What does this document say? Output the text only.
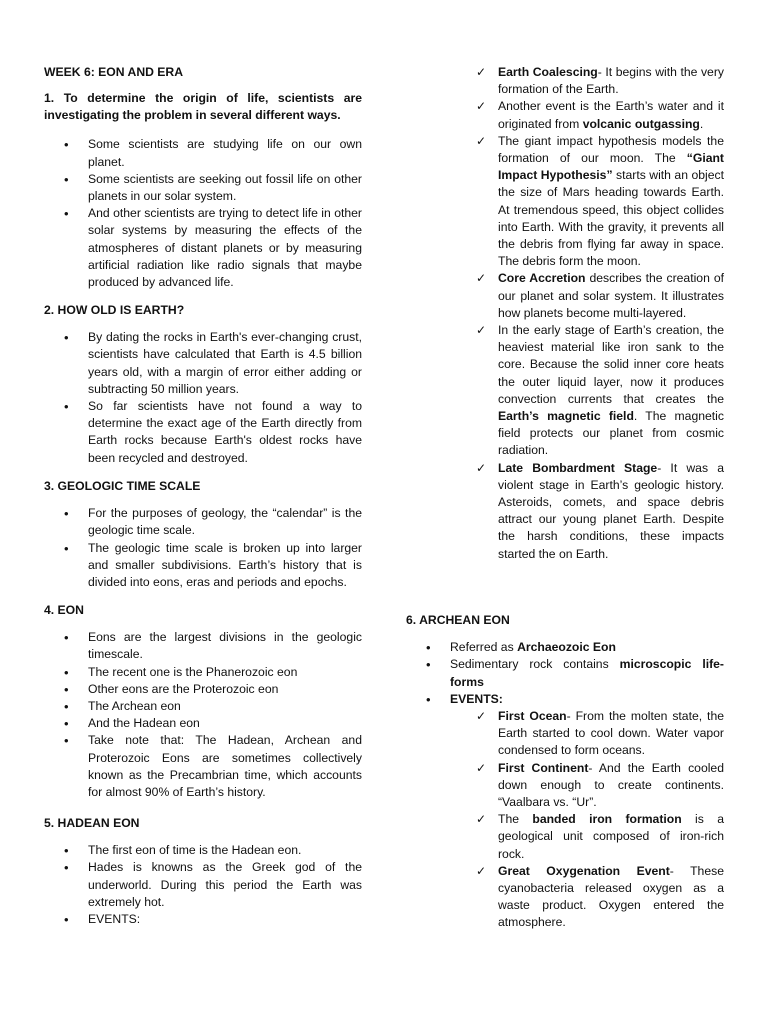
WEEK 6: EON AND ERA

1. To determine the origin of life, scientists are investigating the problem in several different ways.

• Some scientists are studying life on our own planet.
• Some scientists are seeking out fossil life on other planets in our solar system.
• And other scientists are trying to detect life in other solar systems by measuring the effects of the atmospheres of distant planets or by measuring artificial radiation like radio signals that maybe produced by advanced life.

2. HOW OLD IS EARTH?

• By dating the rocks in Earth's ever-changing crust, scientists have calculated that Earth is 4.5 billion years old, with a margin of error either adding or subtracting 50 million years.
• So far scientists have not found a way to determine the exact age of the Earth directly from Earth rocks because Earth's oldest rocks have been recycled and destroyed.

3. GEOLOGIC TIME SCALE

• For the purposes of geology, the “calendar” is the geologic time scale.
• The geologic time scale is broken up into larger and smaller subdivisions. Earth’s history that is divided into eons, eras and periods and epochs.

4. EON

• Eons are the largest divisions in the geologic timescale.
• The recent one is the Phanerozoic eon
• Other eons are the Proterozoic eon
• The Archean eon
• And the Hadean eon
• Take note that: The Hadean, Archean and Proterozoic Eons are sometimes collectively known as the Precambrian time, which accounts for almost 90% of Earth’s history.

5. HADEAN EON

• The first eon of time is the Hadean eon.
• Hades is knowns as the Greek god of the underworld. During this period the Earth was extremely hot.
• EVENTS:
✓ Earth Coalescing- It begins with the very formation of the Earth.
✓ Another event is the Earth’s water and it originated from volcanic outgassing.
✓ The giant impact hypothesis models the formation of our moon. The “Giant Impact Hypothesis” starts with an object the size of Mars heading towards Earth. At tremendous speed, this object collides into Earth. With the gravity, it prevents all the debris from flying far away in space. The debris form the moon.
✓ Core Accretion describes the creation of our planet and solar system. It illustrates how planets become multi-layered.
✓ In the early stage of Earth’s creation, the heaviest material like iron sank to the core. Because the solid inner core heats the outer liquid layer, now it produces convection currents that creates the Earth’s magnetic field. The magnetic field protects our planet from cosmic radiation.
✓ Late Bombardment Stage- It was a violent stage in Earth’s geologic history. Asteroids, comets, and space debris attract our young planet Earth. Despite the harsh conditions, these impacts started the on Earth.

6. ARCHEAN EON

• Referred as Archaeozoic Eon
• Sedimentary rock contains microscopic life-forms
• EVENTS:
✓ First Ocean- From the molten state, the Earth started to cool down. Water vapor condensed to form oceans.
✓ First Continent- And the Earth cooled down enough to create continents. “Vaalbara vs. “Ur”.
✓ The banded iron formation is a geological unit composed of iron-rich rock.
✓ Great Oxygenation Event- These cyanobacteria released oxygen as a waste product. Oxygen entered the atmosphere.
